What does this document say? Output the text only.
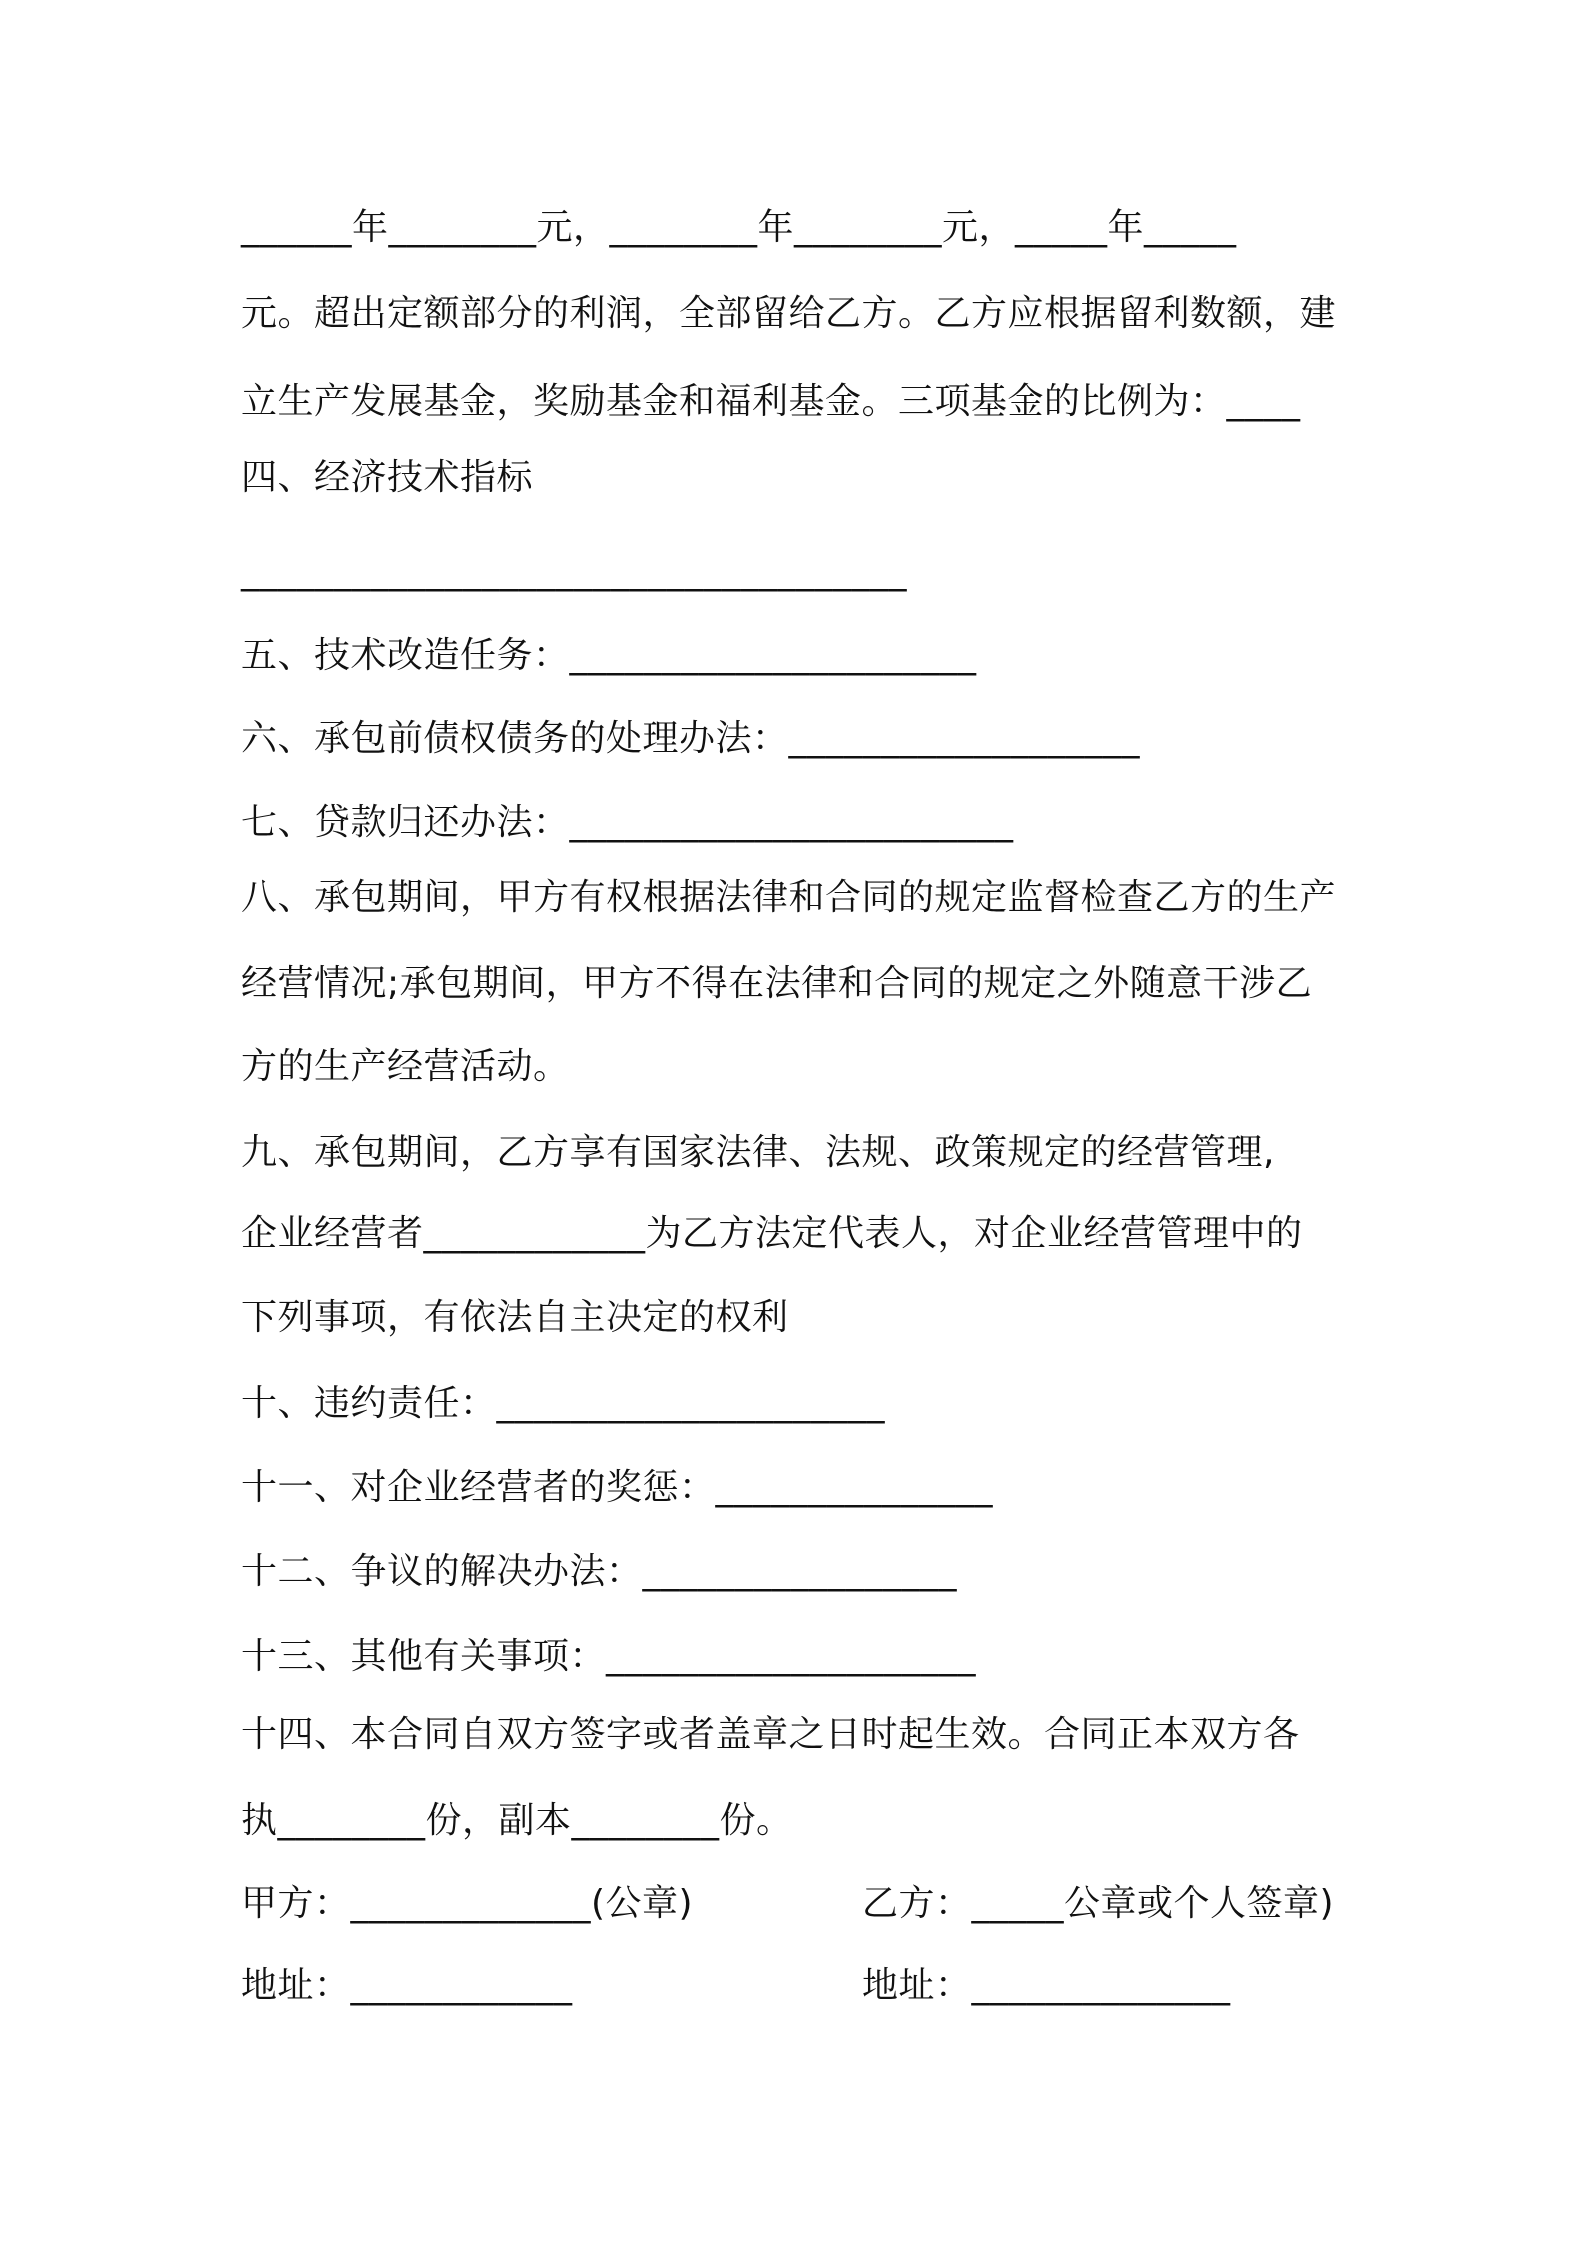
______年________元，________年________元，_____年_____
元。超出定额部分的利润，全部留给乙方。乙方应根据留利数额，建
立生产发展基金，奖励基金和福利基金。三项基金的比例为：____
四、经济技术指标
____________________________________
五、技术改造任务：______________________
六、承包前债权债务的处理办法：___________________
七、贷款归还办法：________________________
八、承包期间，甲方有权根据法律和合同的规定监督检查乙方的生产
经营情况;承包期间，甲方不得在法律和合同的规定之外随意干涉乙
方的生产经营活动。
九、承包期间，乙方享有国家法律、法规、政策规定的经营管理,
企业经营者____________为乙方法定代表人，对企业经营管理中的
下列事项，有依法自主决定的权利
十、违约责任：_____________________
十一、对企业经营者的奖惩：_______________
十二、争议的解决办法：_________________
十三、其他有关事项：____________________
十四、本合同自双方签字或者盖章之日时起生效。合同正本双方各
执________份，副本________份。
甲方：_____________(公章)	乙方：_____公章或个人签章)
地址：____________	地址：______________
